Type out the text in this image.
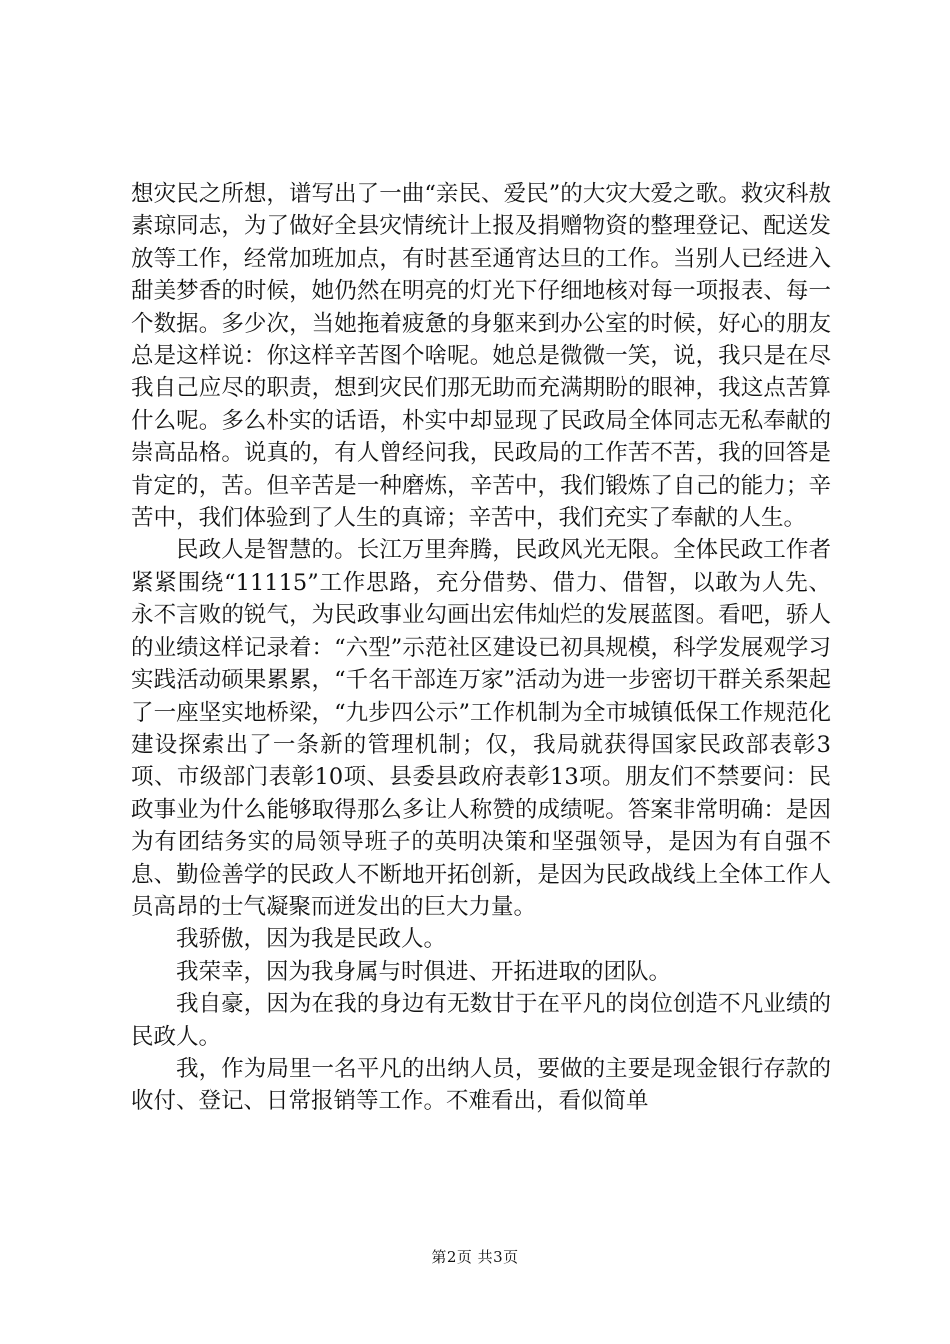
想灾民之所想，谱写出了一曲“亲民、爱民”的大灾大爱之歌。救灾科敖素琼同志，为了做好全县灾情统计上报及捐赠物资的整理登记、配送发放等工作，经常加班加点，有时甚至通宵达旦的工作。当别人已经进入甜美梦香的时候，她仍然在明亮的灯光下仔细地核对每一项报表、每一个数据。多少次，当她拖着疲惫的身躯来到办公室的时候，好心的朋友总是这样说：你这样辛苦图个啥呢。她总是微微一笑，说，我只是在尽我自己应尽的职责，想到灾民们那无助而充满期盼的眼神，我这点苦算什么呢。多么朴实的话语，朴实中却显现了民政局全体同志无私奉献的崇高品格。说真的，有人曾经问我，民政局的工作苦不苦，我的回答是肯定的，苦。但辛苦是一种磨炼，辛苦中，我们锻炼了自己的能力；辛苦中，我们体验到了人生的真谛；辛苦中，我们充实了奉献的人生。

民政人是智慧的。长江万里奔腾，民政风光无限。全体民政工作者紧紧围绕“11115”工作思路，充分借势、借力、借智，以敢为人先、永不言败的锐气，为民政事业勾画出宏伟灿烂的发展蓝图。看吧，骄人的业绩这样记录着：“六型”示范社区建设已初具规模，科学发展观学习实践活动硕果累累，“千名干部连万家”活动为进一步密切干群关系架起了一座坚实地桥梁，“九步四公示”工作机制为全市城镇低保工作规范化建设探索出了一条新的管理机制；仅，我局就获得国家民政部表彰3项、市级部门表彰10项、县委县政府表彰13项。朋友们不禁要问：民政事业为什么能够取得那么多让人称赞的成绩呢。答案非常明确：是因为有团结务实的局领导班子的英明决策和坚强领导，是因为有自强不息、勤俭善学的民政人不断地开拓创新，是因为民政战线上全体工作人员高昂的士气凝聚而迸发出的巨大力量。

我骄傲，因为我是民政人。

我荣幸，因为我身属与时俱进、开拓进取的团队。

我自豪，因为在我的身边有无数甘于在平凡的岗位创造不凡业绩的民政人。

我，作为局里一名平凡的出纳人员，要做的主要是现金银行存款的收付、登记、日常报销等工作。不难看出，看似简单

第2页 共3页
